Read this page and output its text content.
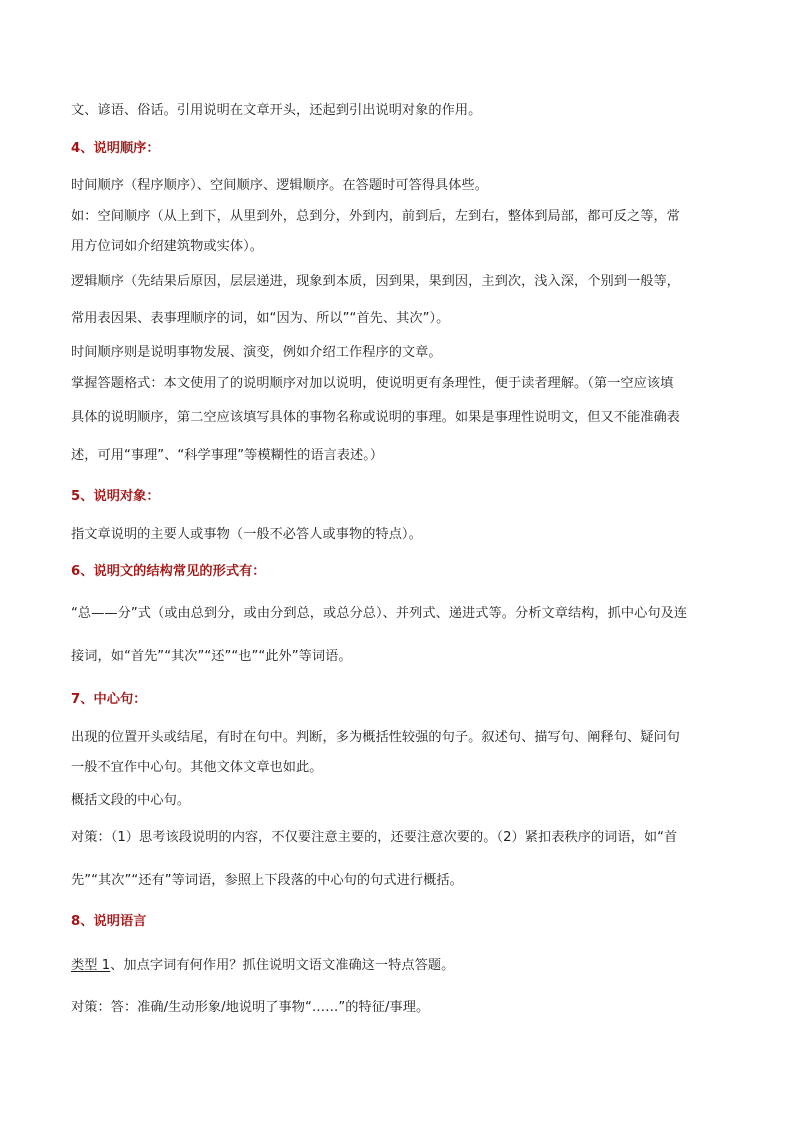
文、谚语、俗话。引用说明在文章开头，还起到引出说明对象的作用。
4、说明顺序：
时间顺序（程序顺序）、空间顺序、逻辑顺序。在答题时可答得具体些。
如：空间顺序（从上到下，从里到外，总到分，外到内，前到后，左到右，整体到局部，都可反之等，常
用方位词如介绍建筑物或实体）。
逻辑顺序（先结果后原因，层层递进，现象到本质，因到果，果到因，主到次，浅入深，个别到一般等，
常用表因果、表事理顺序的词，如“因为、所以”“首先、其次”）。
时间顺序则是说明事物发展、演变，例如介绍工作程序的文章。
掌握答题格式：本文使用了的说明顺序对加以说明，使说明更有条理性，便于读者理解。（第一空应该填
具体的说明顺序，第二空应该填写具体的事物名称或说明的事理。如果是事理性说明文，但又不能准确表
述，可用“事理”、“科学事理”等模糊性的语言表述。）
5、说明对象：
指文章说明的主要人或事物（一般不必答人或事物的特点）。
6、说明文的结构常见的形式有：
“总——分”式（或由总到分，或由分到总，或总分总）、并列式、递进式等。分析文章结构，抓中心句及连
接词，如“首先”“其次”“还”“也”“此外”等词语。
7、中心句：
出现的位置开头或结尾，有时在句中。判断，多为概括性较强的句子。叙述句、描写句、阐释句、疑问句
一般不宜作中心句。其他文体文章也如此。
概括文段的中心句。
对策：（1）思考该段说明的内容，不仅要注意主要的，还要注意次要的。（2）紧扣表秩序的词语，如“首
先”“其次”“还有”等词语，参照上下段落的中心句的句式进行概括。
8、说明语言
类型 1、加点字词有何作用？抓住说明文语文准确这一特点答题。
对策：答：准确/生动形象/地说明了事物“……”的特征/事理。
